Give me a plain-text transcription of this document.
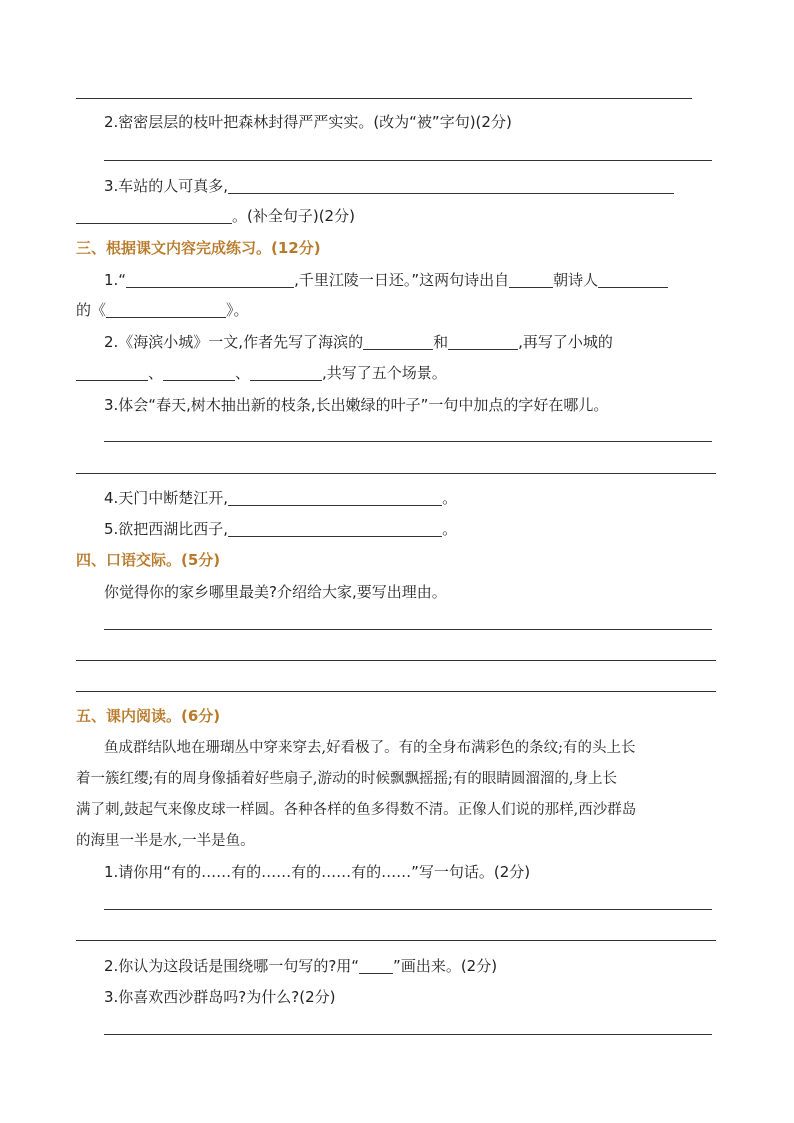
2.密密层层的枝叶把森林封得严严实实。(改为“被”字句)(2分)
3.车站的人可真多,
。(补全句子)(2分)
三、根据课文内容完成练习。(12分)
1.“	,千里江陵一日还。”这两句诗出自	朝诗人
的《	》。
2.《海滨小城》一文,作者先写了海滨的	和	,再写了小城的
、	、	,共写了五个场景。
3.体会“春天,树木抽出新的枝条,长出嫩绿的叶子”一句中加点的字好在哪儿。
4.天门中断楚江开,	。
5.欲把西湖比西子,	。
四、口语交际。(5分)
你觉得你的家乡哪里最美?介绍给大家,要写出理由。
五、课内阅读。(6分)
鱼成群结队地在珊瑚丛中穿来穿去,好看极了。有的全身布满彩色的条纹;有的头上长
着一簇红缨;有的周身像插着好些扇子,游动的时候飘飘摇摇;有的眼睛圆溜溜的,身上长
满了刺,鼓起气来像皮球一样圆。各种各样的鱼多得数不清。正像人们说的那样,西沙群岛
的海里一半是水,一半是鱼。
1.请你用“有的……有的……有的……有的……”写一句话。(2分)
2.你认为这段话是围绕哪一句写的?用“ ”画出来。(2分)
3.你喜欢西沙群岛吗?为什么?(2分)
